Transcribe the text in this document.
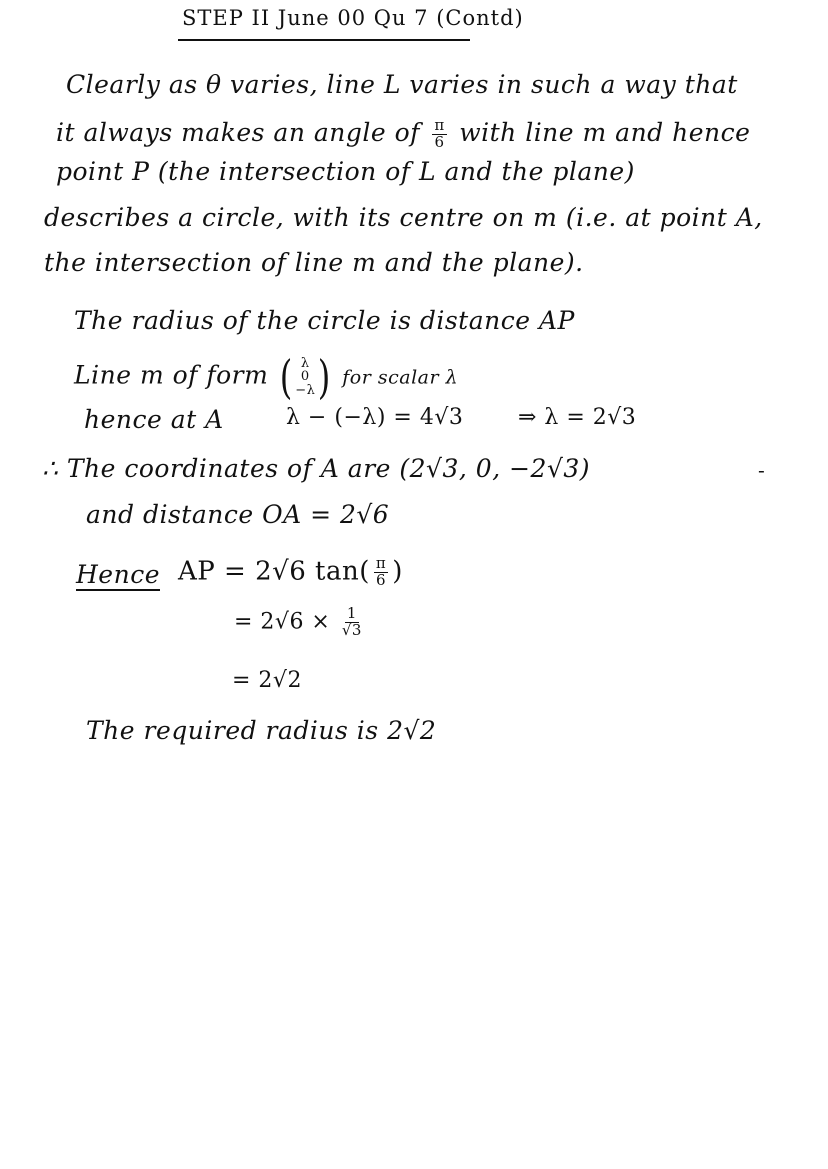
STEP II June 00 Qu 7 (Contd)
Clearly as θ varies, line L varies in such a way that
it always makes an angle of $\frac{\pi}{6}$ with line m and hence
point P (the intersection of L and the plane)
describes a circle, with its centre on m (i.e. at point A,
the intersection of line m and the plane).
The radius of the circle is distance AP
Line m of form ( λ
0
−λ ) for scalar λ
hence at A	λ − (−λ) = 4√3 ⇒ λ = 2√3
∴ The coordinates of A are (2√3, 0, −2√3)
and distance OA = 2√6
Hence AP = 2√6 $\tan( \frac{\pi}{6}$ )
= $2√6 \times \frac{1}{√3}$
= 2√2
The required radius is 2√2
-
